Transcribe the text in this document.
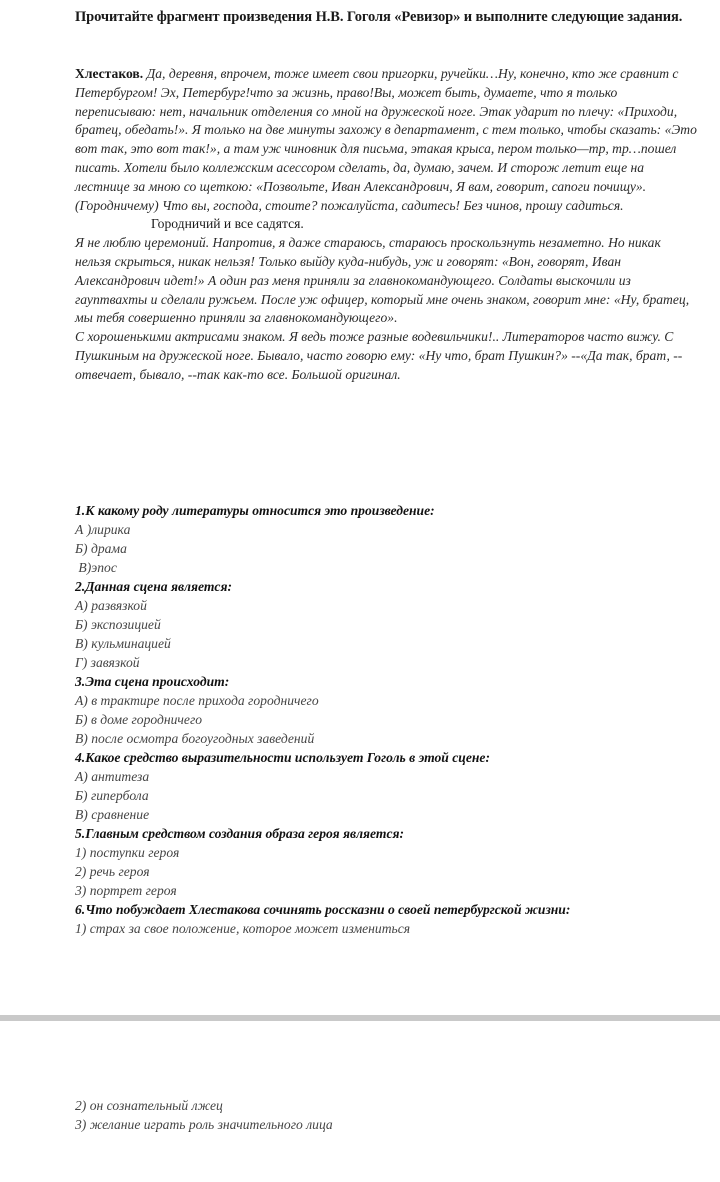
Прочитайте фрагмент произведения Н.В. Гоголя «Ревизор» и выполните следующие задания.

Хлестаков. Да, деревня, впрочем, тоже имеет свои пригорки, ручейки…Ну, конечно, кто же сравнит с Петербургом! Эх, Петербург!что за жизнь, право!Вы, может быть, думаете, что я только переписываю: нет, начальник отделения со мной на дружеской ноге. Этак ударит по плечу: «Приходи, братец, обедать!». Я только на две минуты захожу в департамент, с тем только, чтобы сказать: «Это вот так, это вот так!», а там уж чиновник для письма, этакая крыса, пером только—тр, тр…пошел писать. Хотели было коллежским асессором сделать, да, думаю, зачем. И сторож летит еще на лестнице за мною со щеткою: «Позвольте, Иван Александрович, Я вам, говорит, сапоги почищу». (Городничему) Что вы, господа, стоите? пожалуйста, садитесь! Без чинов, прошу садиться.

Городничий и все садятся.

Я не люблю церемоний. Напротив, я даже стараюсь, стараюсь проскользнуть незаметно. Но никак нельзя скрыться, никак нельзя! Только выйду куда-нибудь, уж и говорят: «Вон, говорят, Иван Александрович идет!» А один раз меня приняли за главнокомандующего. Солдаты выскочили из гауптвахты и сделали ружьем. После уж офицер, который мне очень знаком, говорит мне: «Ну, братец, мы тебя совершенно приняли за главнокомандующего».

С хорошенькими актрисами знаком. Я ведь тоже разные водевильчики!.. Литераторов часто вижу. С Пушкиным на дружеской ноге. Бывало, часто говорю ему: «Ну что, брат Пушкин?» --«Да так, брат, --отвечает, бывало, --так как-то все. Большой оригинал.

1.К какому роду литературы относится это произведение:
А )лирика
Б) драма
В)эпос
2.Данная сцена является:
А) развязкой
Б) экспозицией
В) кульминацией
Г) завязкой
3.Эта сцена происходит:
А) в трактире после прихода городничего
Б) в доме городничего
В) после осмотра богоугодных заведений
4.Какое средство выразительности использует Гоголь в этой сцене:
А) антитеза
Б) гипербола
В) сравнение
5.Главным средством создания образа героя является:
1) поступки героя
2) речь героя
3) портрет героя
6.Что побуждает Хлестакова сочинять россказни о своей петербургской жизни:
1) страх за свое положение, которое может измениться
2) он сознательный лжец
3) желание играть роль значительного лица
